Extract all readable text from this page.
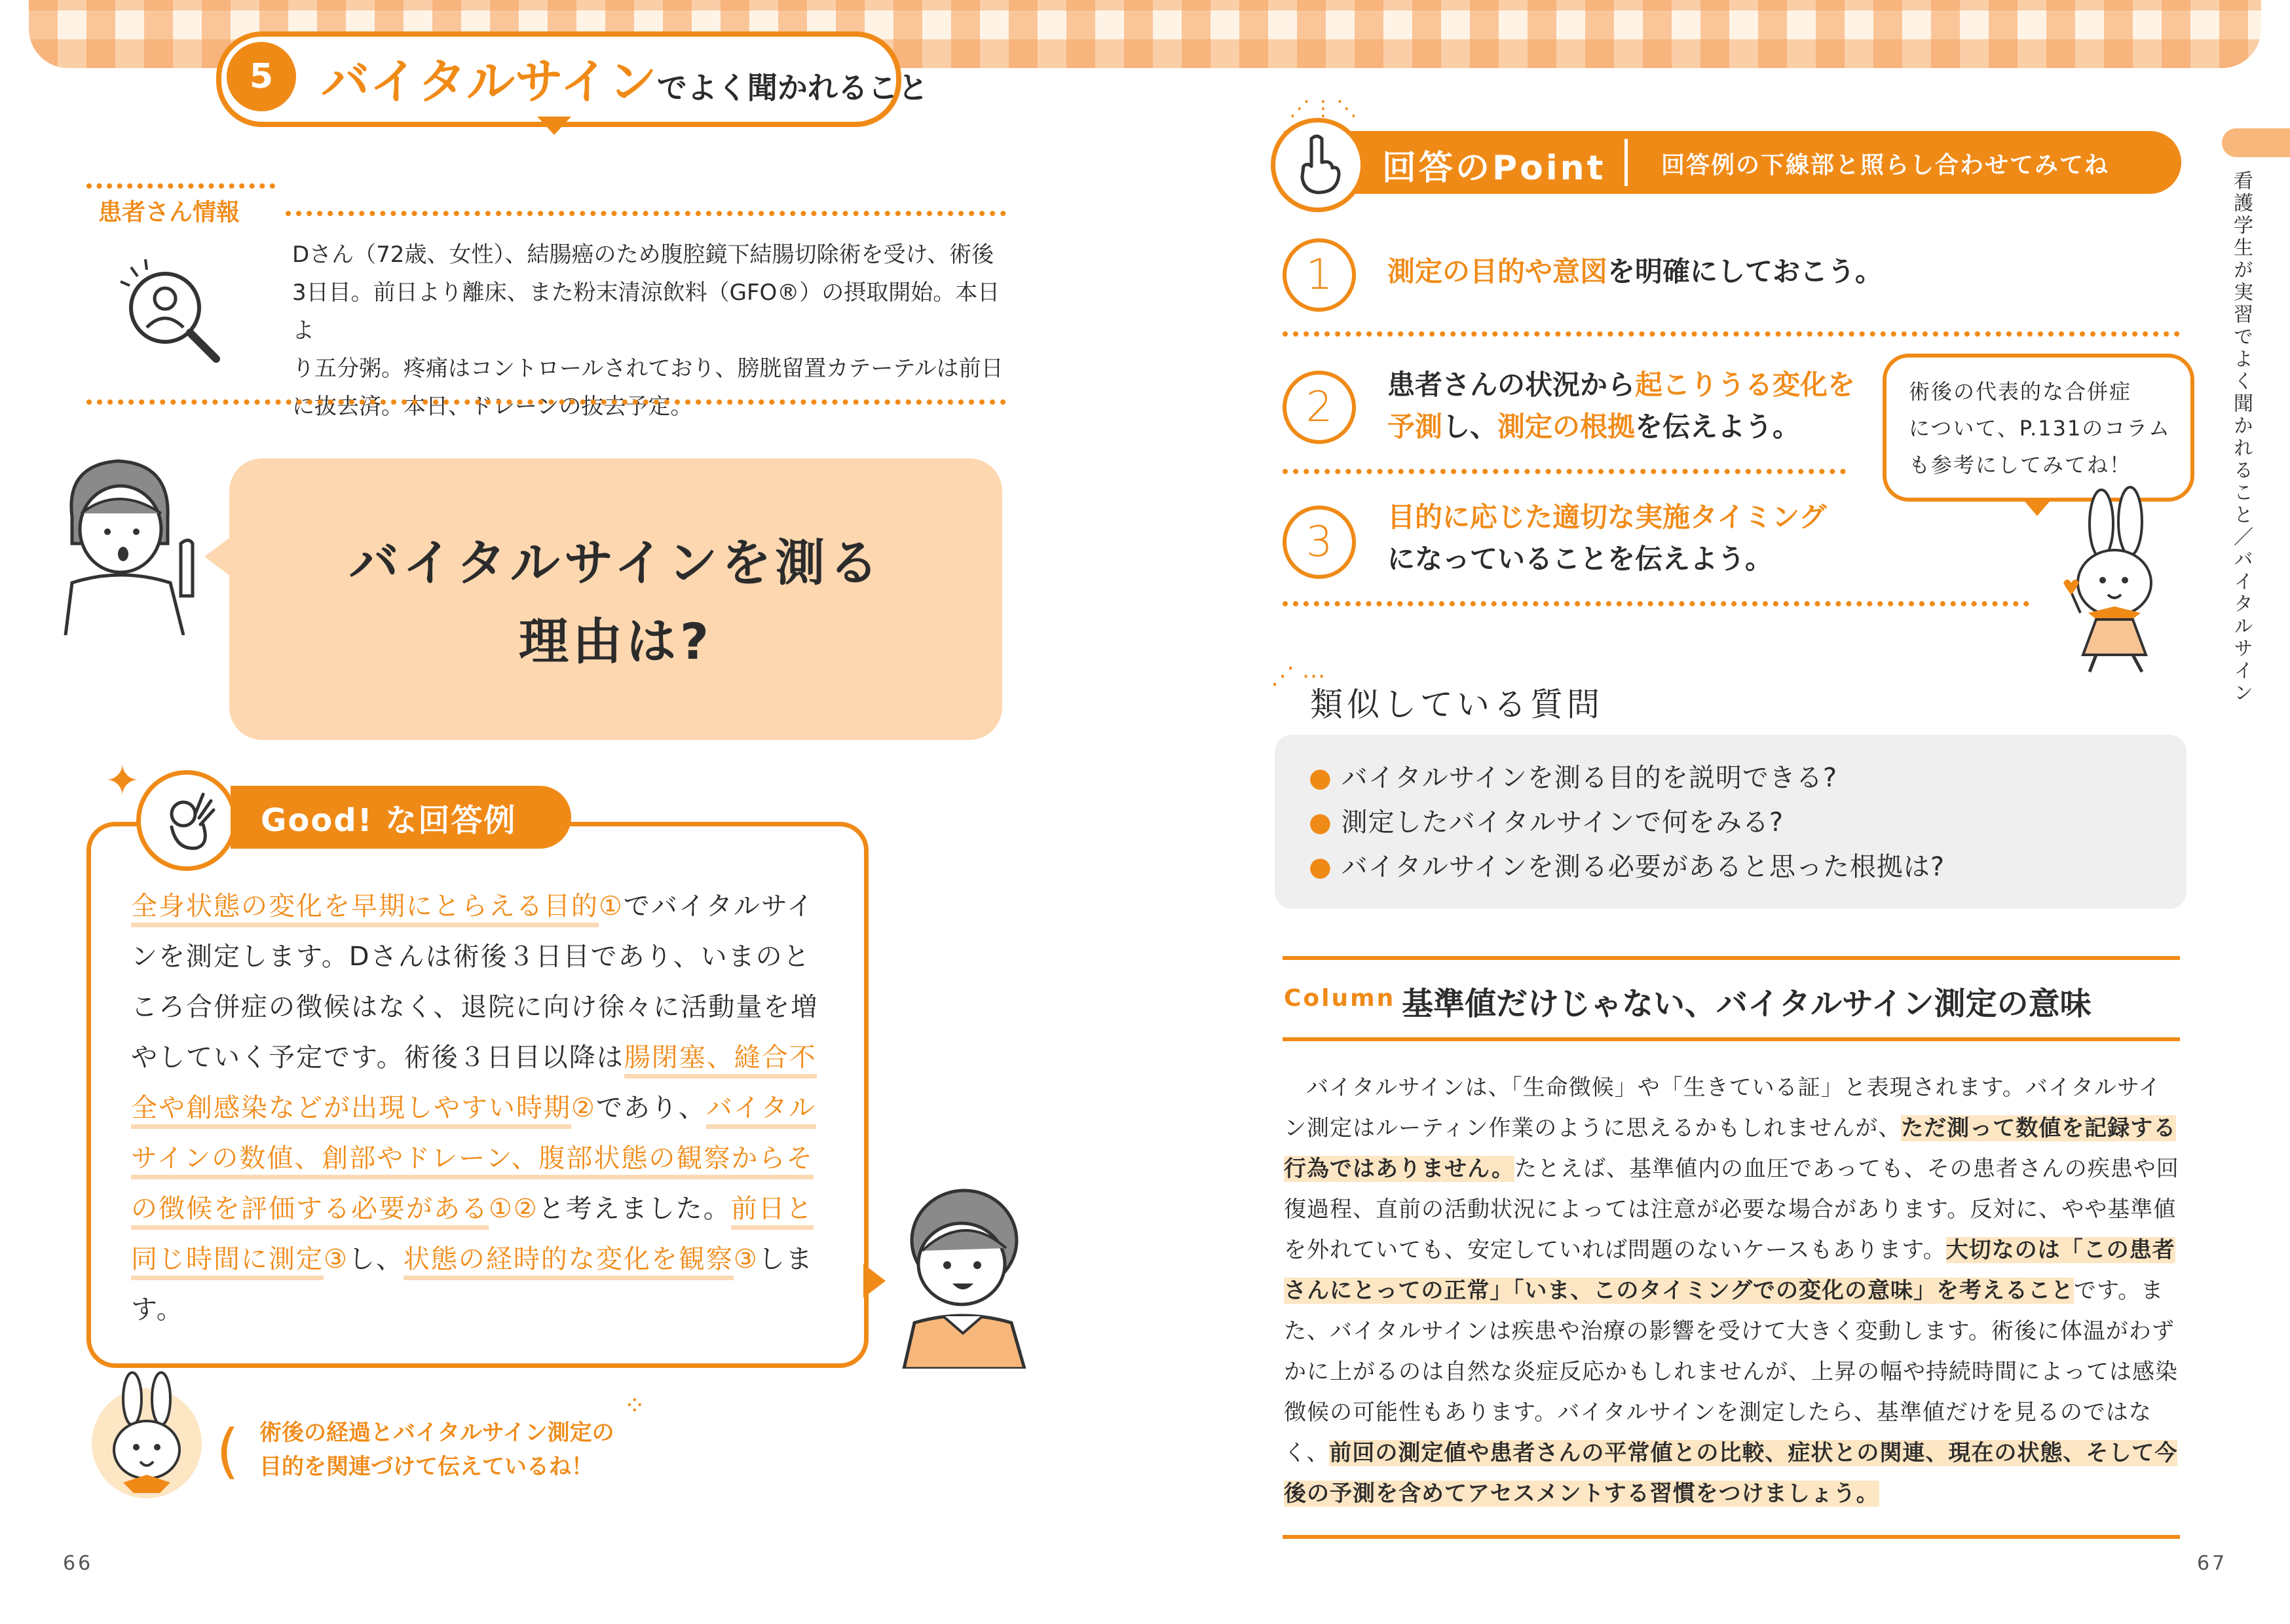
5 バイタルサイン でよく聞かれること
患者さん情報
Dさん（72歳、女性）、結腸癌のため腹腔鏡下結腸切除術を受け、術後
3日目。前日より離床、また粉末清涼飲料（GFO®）の摂取開始。本日よ
り五分粥。疼痛はコントロールされており、膀胱留置カテーテルは前日
に抜去済。本日、ドレーンの抜去予定。
バイタルサインを測る
理由は?
✦
Good! な回答例
全身状態の変化を早期にとらえる目的①でバイタルサインを測定します。Dさんは術後３日目であり、いまのところ合併症の徴候はなく、退院に向け徐々に活動量を増やしていく予定です。術後３日目以降は腸閉塞、縫合不全や創感染などが出現しやすい時期②であり、バイタルサインの数値、創部やドレーン、腹部状態の観察からその徴候を評価する必要がある①②と考えました。前日と同じ時間に測定③し、状態の経時的な変化を観察③します。
術後の経過とバイタルサイン測定の
目的を関連づけて伝えているね！
(
⁘
66
⋰⋮⋱
回答のPoint 回答例の下線部と照らし合わせてみてね
1	測定の目的や意図を明確にしておこう。
2	患者さんの状況から起こりうる変化を予測し、測定の根拠を伝えよう。
3
目的に応じた適切な実施タイミング
になっていることを伝えよう。
術後の代表的な合併症
について、P.131のコラム
も参考にしてみてね！
⋰ ⋯
類似している質問
● バイタルサインを測る目的を説明できる?
● 測定したバイタルサインで何をみる?
● バイタルサインを測る必要があると思った根拠は?
Column 基準値だけじゃない、バイタルサイン測定の意味
バイタルサインは、「生命徴候」や「生きている証」と表現されます。バイタルサイン測定はルーティン作業のように思えるかもしれませんが、ただ測って数値を記録する行為ではありません。たとえば、基準値内の血圧であっても、その患者さんの疾患や回復過程、直前の活動状況によっては注意が必要な場合があります。反対に、やや基準値を外れていても、安定していれば問題のないケースもあります。大切なのは「この患者さんにとっての正常」「いま、このタイミングでの変化の意味」を考えることです。また、バイタルサインは疾患や治療の影響を受けて大きく変動します。術後に体温がわずかに上がるのは自然な炎症反応かもしれませんが、上昇の幅や持続時間によっては感染徴候の可能性もあります。バイタルサインを測定したら、基準値だけを見るのではなく、前回の測定値や患者さんの平常値との比較、症状との関連、現在の状態、そして今後の予測を含めてアセスメントする習慣をつけましょう。
67
看護学生が実習でよく聞かれること／バイタルサイン
